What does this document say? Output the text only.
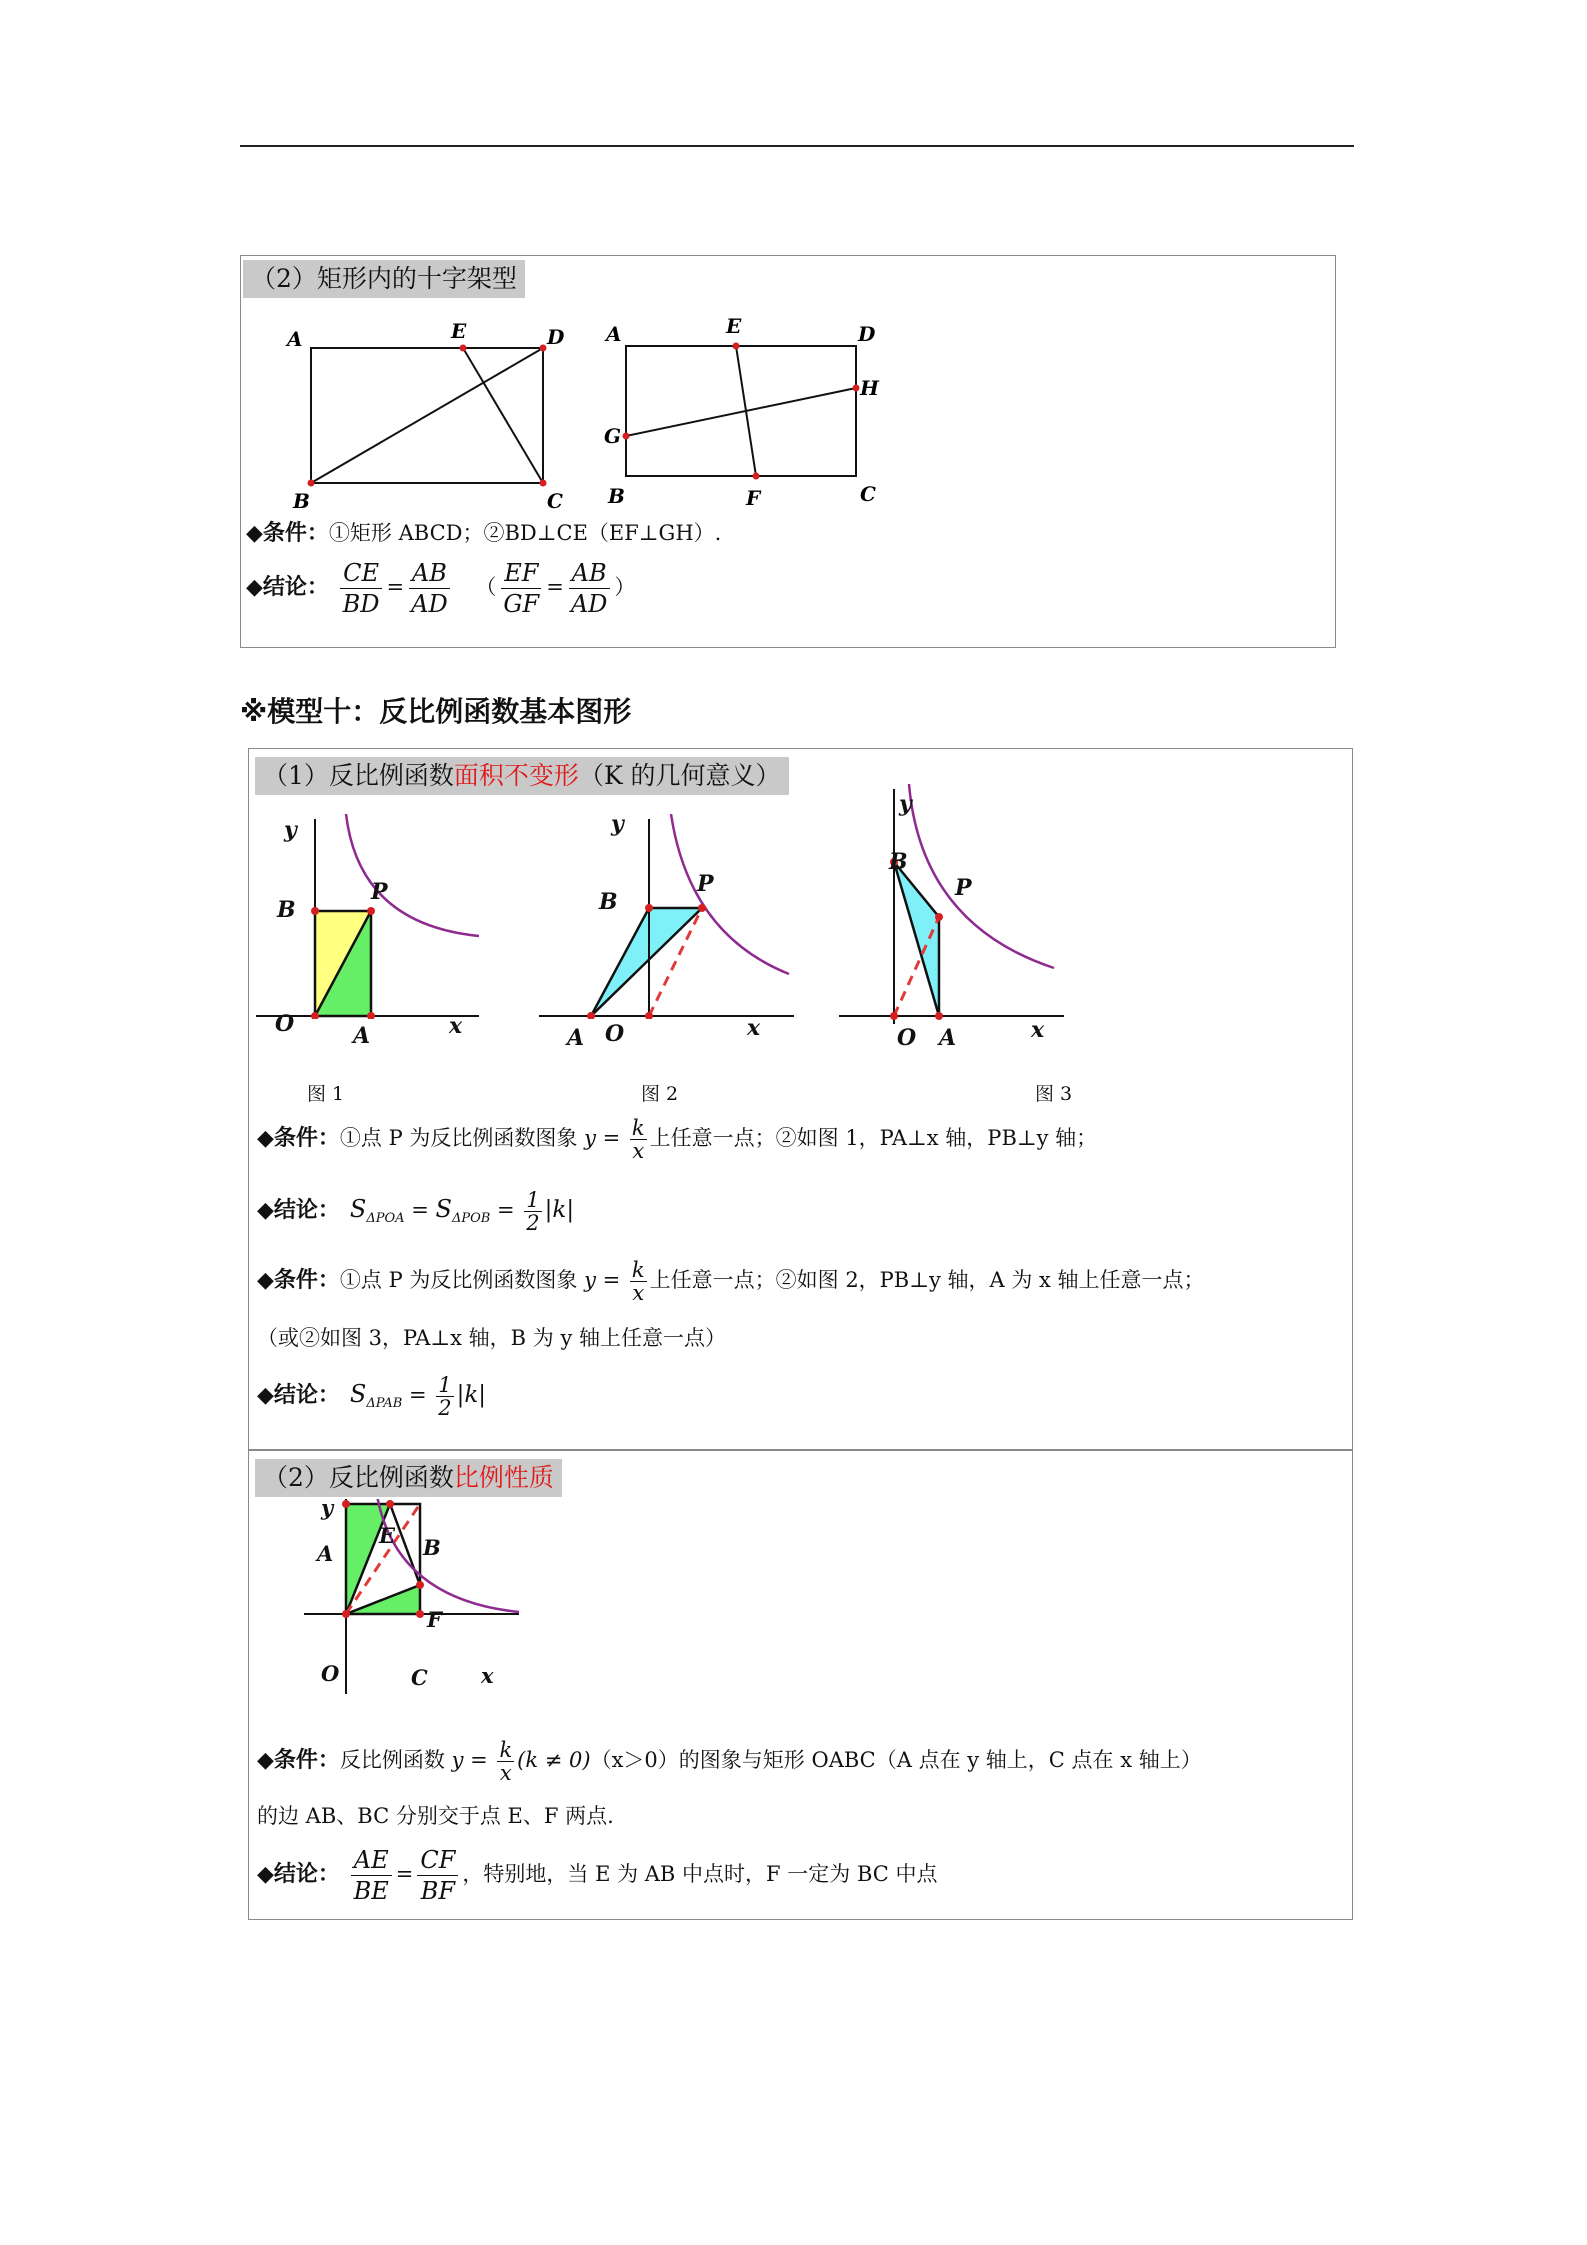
（2）矩形内的十字架型
A	E	D
B	C
A	E	D
H
G
B	F	C
◆条件：①矩形 ABCD；②BD⊥CE（EF⊥GH）.
◆结论： $\frac{CE}{BD} = \frac{AB}{AD}$ （ $\frac{EF}{GF} = \frac{AB}{AD}$ ）
※模型十：反比例函数基本图形
（1）反比例函数面积不变形（K 的几何意义）
y
B
P
O	A	x
图 1
y
B
P
A O	x
图 2
y
B
P
O A	x
图 3
◆条件：①点 P 为反比例函数图象 $y = \frac{k}{x}$ 上任意一点；②如图 1，PA⊥x 轴，PB⊥y 轴；
◆结论： $S_{\Delta POA} = S_{\Delta POB} = \frac{1}{2} |k|$
◆条件：①点 P 为反比例函数图象 $y = \frac{k}{x}$ 上任意一点；②如图 2，PB⊥y 轴，A 为 x 轴上任意一点；
（或②如图 3，PA⊥x 轴，B 为 y 轴上任意一点）
◆结论： $S_{\Delta PAB} = \frac{1}{2} |k|$
（2）反比例函数比例性质
y
A
E B
F
O	C	x
◆条件：反比例函数 $y = \frac{k}{x} (k \ne 0)(x>0)$的图象与矩形 OABC（A 点在 y 轴上，C 点在 x 轴上）
的边 AB、BC 分别交于点 E、F 两点.
◆结论： $\frac{AE}{BE} = \frac{CF}{BF}$ ，特别地，当 E 为 AB 中点时，F 一定为 BC 中点
